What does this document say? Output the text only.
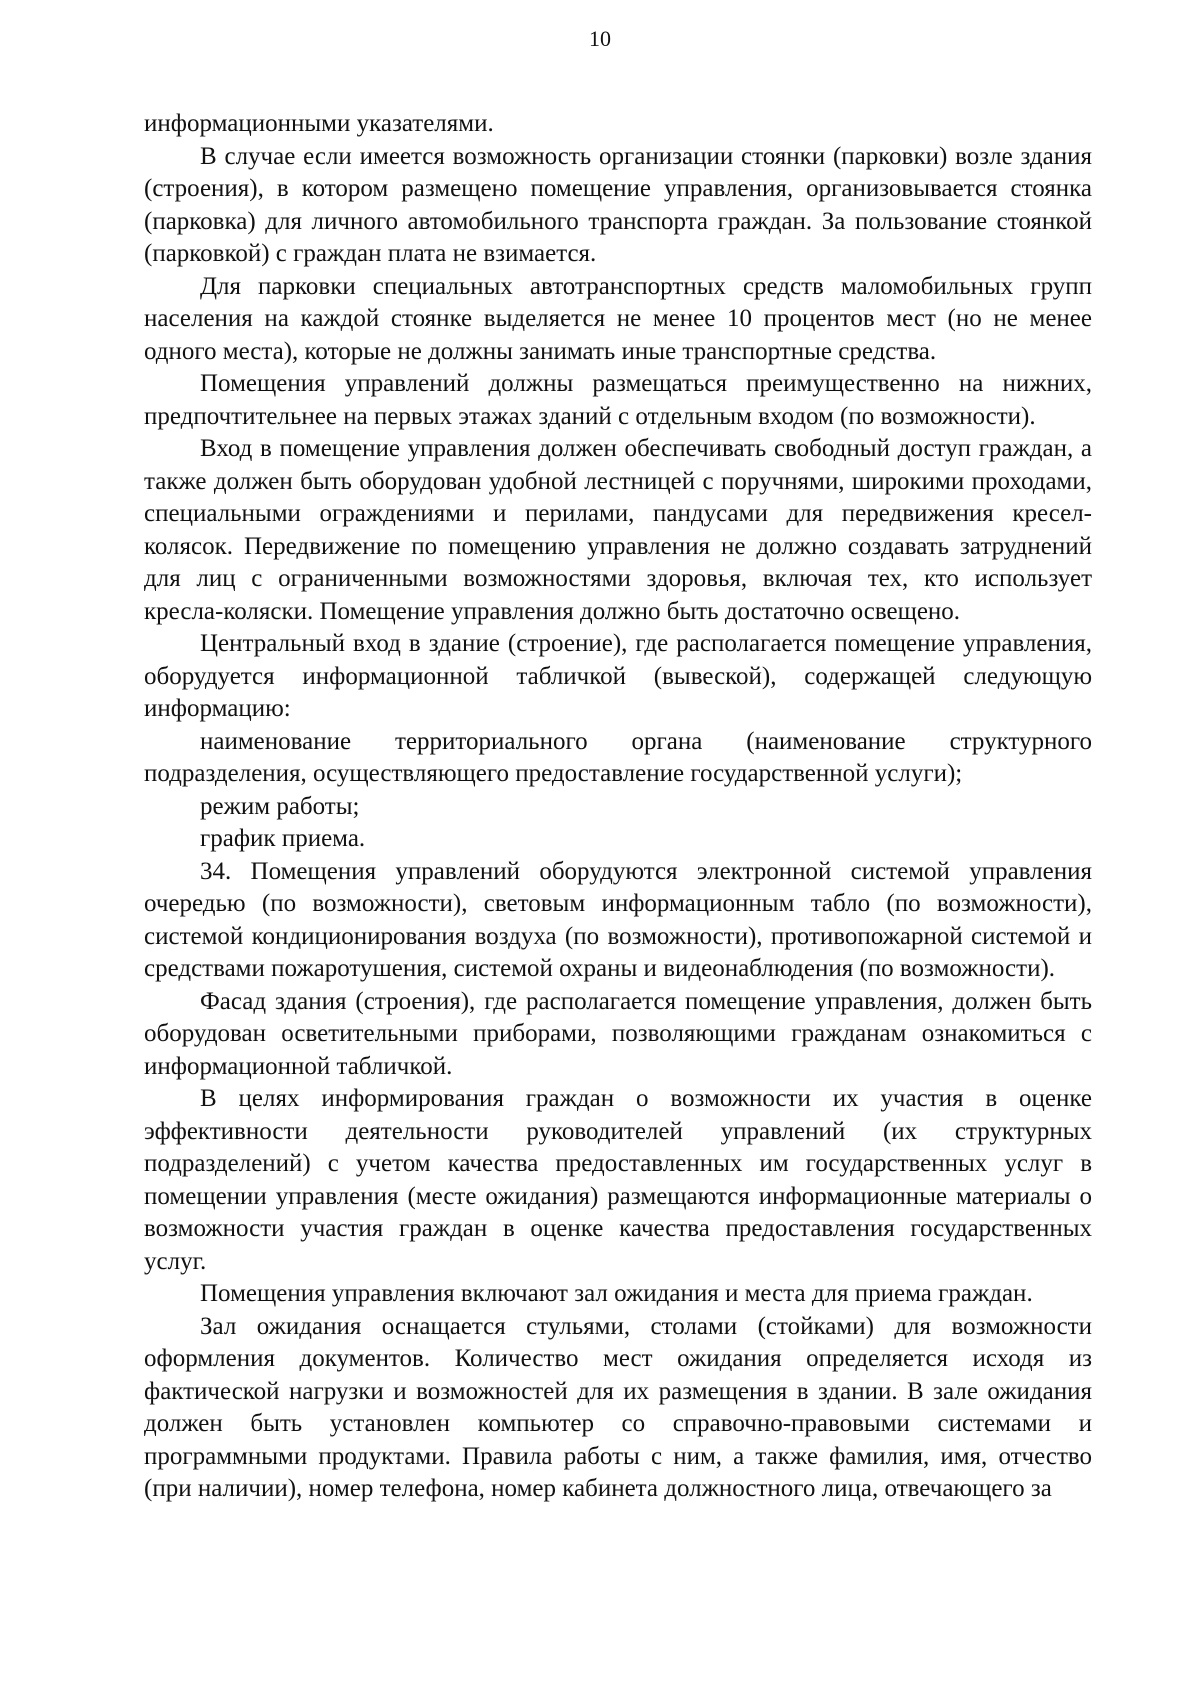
10

информационными указателями.

В случае если имеется возможность организации стоянки (парковки) возле здания (строения), в котором размещено помещение управления, организовывается стоянка (парковка) для личного автомобильного транспорта граждан. За пользование стоянкой (парковкой) с граждан плата не взимается.

Для парковки специальных автотранспортных средств маломобильных групп населения на каждой стоянке выделяется не менее 10 процентов мест (но не менее одного места), которые не должны занимать иные транспортные средства.

Помещения управлений должны размещаться преимущественно на нижних, предпочтительнее на первых этажах зданий с отдельным входом (по возможности).

Вход в помещение управления должен обеспечивать свободный доступ граждан, а также должен быть оборудован удобной лестницей с поручнями, широкими проходами, специальными ограждениями и перилами, пандусами для передвижения кресел-колясок. Передвижение по помещению управления не должно создавать затруднений для лиц с ограниченными возможностями здоровья, включая тех, кто использует кресла-коляски. Помещение управления должно быть достаточно освещено.

Центральный вход в здание (строение), где располагается помещение управления, оборудуется информационной табличкой (вывеской), содержащей следующую информацию:

наименование территориального органа (наименование структурного подразделения, осуществляющего предоставление государственной услуги);

режим работы;

график приема.

34. Помещения управлений оборудуются электронной системой управления очередью (по возможности), световым информационным табло (по возможности), системой кондиционирования воздуха (по возможности), противопожарной системой и средствами пожаротушения, системой охраны и видеонаблюдения (по возможности).

Фасад здания (строения), где располагается помещение управления, должен быть оборудован осветительными приборами, позволяющими гражданам ознакомиться с информационной табличкой.

В целях информирования граждан о возможности их участия в оценке эффективности деятельности руководителей управлений (их структурных подразделений) с учетом качества предоставленных им государственных услуг в помещении управления (месте ожидания) размещаются информационные материалы о возможности участия граждан в оценке качества предоставления государственных услуг.

Помещения управления включают зал ожидания и места для приема граждан.

Зал ожидания оснащается стульями, столами (стойками) для возможности оформления документов. Количество мест ожидания определяется исходя из фактической нагрузки и возможностей для их размещения в здании. В зале ожидания должен быть установлен компьютер со справочно-правовыми системами и программными продуктами. Правила работы с ним, а также фамилия, имя, отчество (при наличии), номер телефона, номер кабинета должностного лица, отвечающего за
